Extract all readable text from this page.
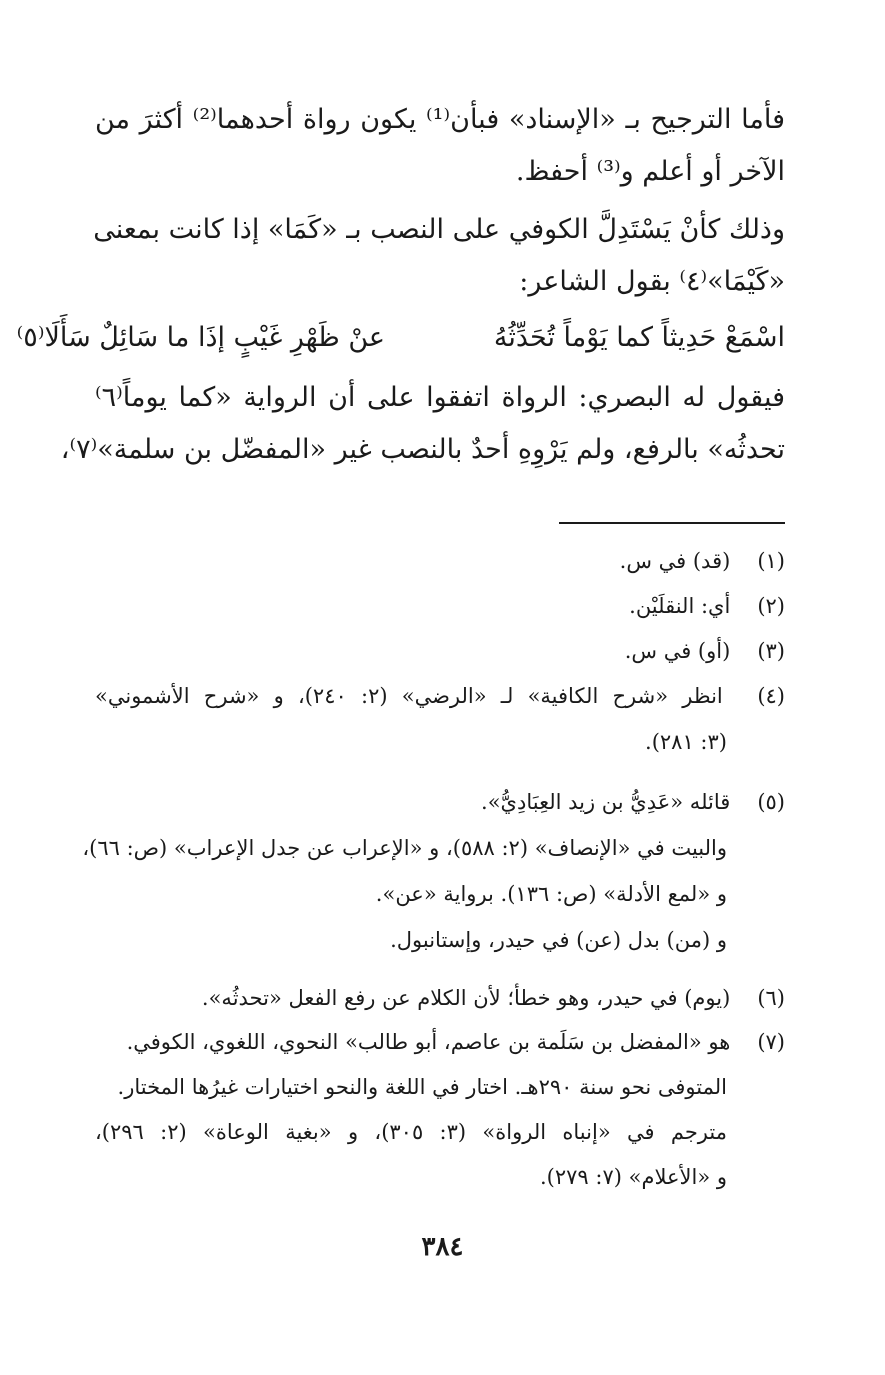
فأما الترجيح بـ «الإسناد» فبأن⁽¹⁾ يكون رواة أحدهما⁽²⁾ أكثرَ من
الآخر أو أعلم و⁽³⁾ أحفظ.
وذلك كأنْ يَسْتَدِلَّ الكوفي على النصب بـ «كَمَا» إذا كانت بمعنى
«كَيْمَا»⁽٤⁾ بقول الشاعر:
اسْمَعْ حَدِيثاً كما يَوْماً تُحَدِّثُهُ
عنْ ظَهْرِ غَيْبٍ إذَا ما سَائِلٌ سَأَلَا⁽٥⁾
فيقول له البصري: الرواة اتفقوا على أن الرواية «كما يوماً⁽٦⁾
تحدثُه» بالرفع، ولم يَرْوِهِ أحدٌ بالنصب غير «المفضّل بن سلمة»⁽٧⁾،
(١) (قد) في س.
(٢) أي: النقلَيْن.
(٣) (أو) في س.
(٤) انظر «شرح الكافية» لـ «الرضي» (٢: ٢٤٠)، و «شرح الأشموني»
(٣: ٢٨١).
(٥) قائله «عَدِيُّ بن زيد العِبَادِيُّ».
والبيت في «الإنصاف» (٢: ٥٨٨)، و «الإعراب عن جدل الإعراب» (ص: ٦٦)،
و «لمع الأدلة» (ص: ١٣٦). برواية «عن».
و (من) بدل (عن) في حيدر، وإستانبول.
(٦) (يوم) في حيدر، وهو خطأ؛ لأن الكلام عن رفع الفعل «تحدثُه».
(٧) هو «المفضل بن سَلَمة بن عاصم، أبو طالب» النحوي، اللغوي، الكوفي.
المتوفى نحو سنة ٢٩٠هـ. اختار في اللغة والنحو اختيارات غيرُها المختار.
مترجم في «إنباه الرواة» (٣: ٣٠٥)، و «بغية الوعاة» (٢: ٢٩٦)،
و «الأعلام» (٧: ٢٧٩).
٣٨٤
